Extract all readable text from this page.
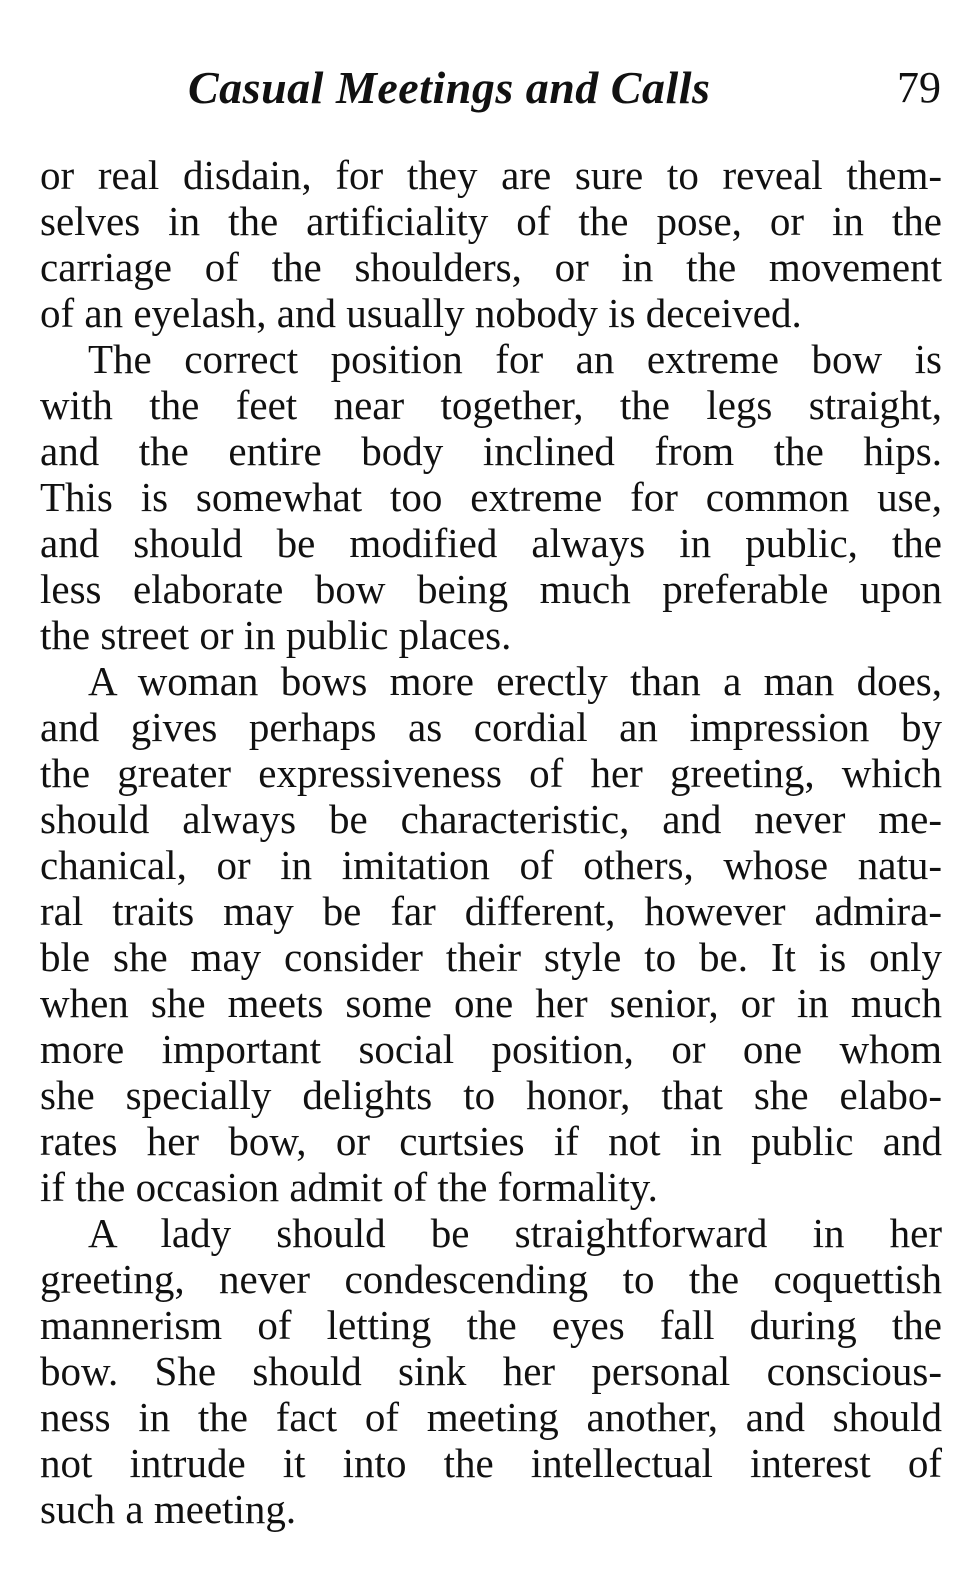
Casual Meetings and Calls	79
or real disdain, for they are sure to reveal them-
selves in the artificiality of the pose, or in the
carriage of the shoulders, or in the movement
of an eyelash, and usually nobody is deceived.
The correct position for an extreme bow is
with the feet near together, the legs straight,
and the entire body inclined from the hips.
This is somewhat too extreme for common use,
and should be modified always in public, the
less elaborate bow being much preferable upon
the street or in public places.
A woman bows more erectly than a man does,
and gives perhaps as cordial an impression by
the greater expressiveness of her greeting, which
should always be characteristic, and never me-
chanical, or in imitation of others, whose natu-
ral traits may be far different, however admira-
ble she may consider their style to be. It is only
when she meets some one her senior, or in much
more important social position, or one whom
she specially delights to honor, that she elabo-
rates her bow, or curtsies if not in public and
if the occasion admit of the formality.
A lady should be straightforward in her
greeting, never condescending to the coquettish
mannerism of letting the eyes fall during the
bow. She should sink her personal conscious-
ness in the fact of meeting another, and should
not intrude it into the intellectual interest of
such a meeting.
